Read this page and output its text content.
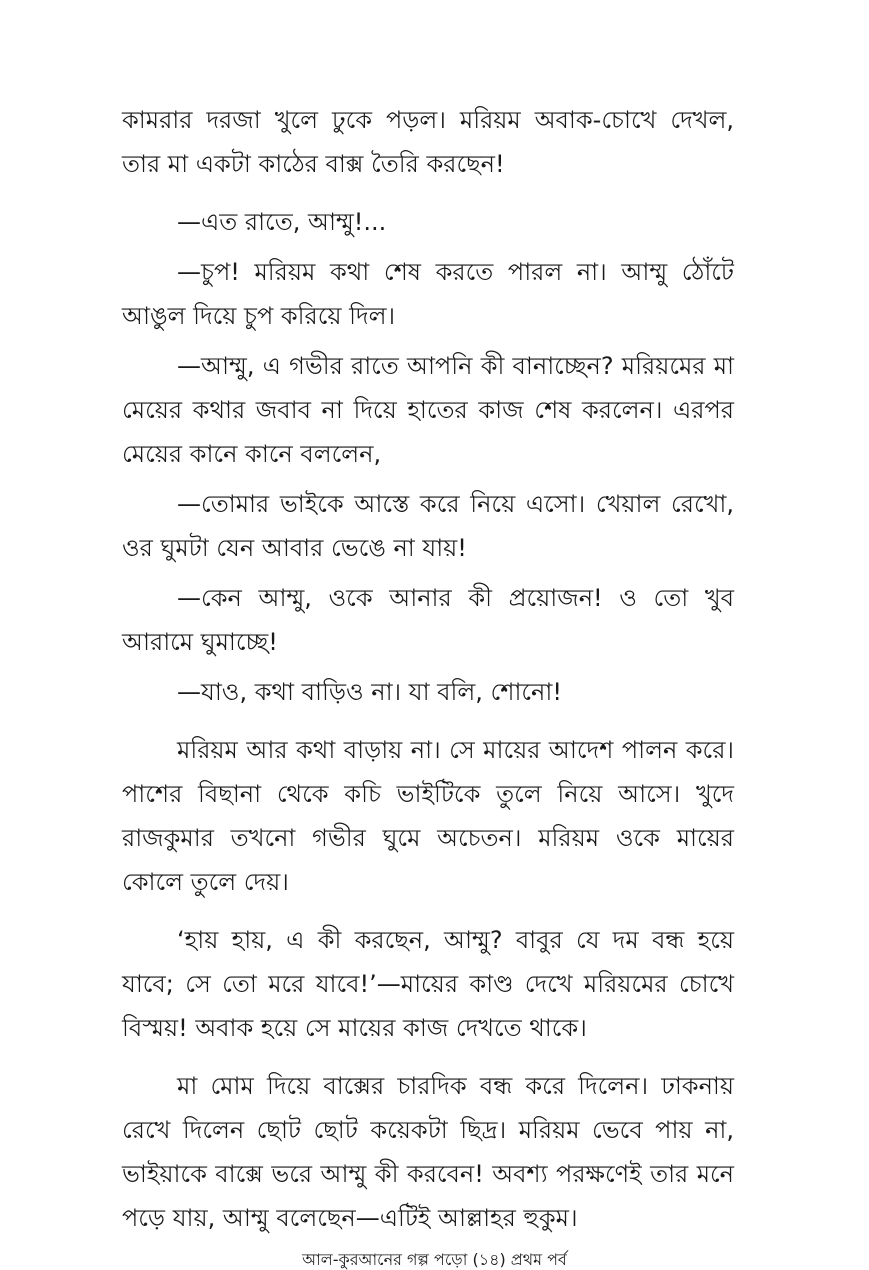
কামরার দরজা খুলে ঢুকে পড়ল। মরিয়ম অবাক-চোখে দেখল, তার মা একটা কাঠের বাক্স তৈরি করছেন!

—এত রাতে, আম্মু!...

—চুপ! মরিয়ম কথা শেষ করতে পারল না। আম্মু ঠোঁটে আঙুল দিয়ে চুপ করিয়ে দিল।

—আম্মু, এ গভীর রাতে আপনি কী বানাচ্ছেন? মরিয়মের মা মেয়ের কথার জবাব না দিয়ে হাতের কাজ শেষ করলেন। এরপর মেয়ের কানে কানে বললেন,

—তোমার ভাইকে আস্তে করে নিয়ে এসো। খেয়াল রেখো, ওর ঘুমটা যেন আবার ভেঙে না যায়!

—কেন আম্মু, ওকে আনার কী প্রয়োজন! ও তো খুব আরামে ঘুমাচ্ছে!

—যাও, কথা বাড়িও না। যা বলি, শোনো!

মরিয়ম আর কথা বাড়ায় না। সে মায়ের আদেশ পালন করে। পাশের বিছানা থেকে কচি ভাইটিকে তুলে নিয়ে আসে। খুদে রাজকুমার তখনো গভীর ঘুমে অচেতন। মরিয়ম ওকে মায়ের কোলে তুলে দেয়।

‘হায় হায়, এ কী করছেন, আম্মু? বাবুর যে দম বন্ধ হয়ে যাবে; সে তো মরে যাবে!’—মায়ের কাণ্ড দেখে মরিয়মের চোখে বিস্ময়! অবাক হয়ে সে মায়ের কাজ দেখতে থাকে।

মা মোম দিয়ে বাক্সের চারদিক বন্ধ করে দিলেন। ঢাকনায় রেখে দিলেন ছোট ছোট কয়েকটা ছিদ্র। মরিয়ম ভেবে পায় না, ভাইয়াকে বাক্সে ভরে আম্মু কী করবেন! অবশ্য পরক্ষণেই তার মনে পড়ে যায়, আম্মু বলেছেন—এটিই আল্লাহর হুকুম।

আল-কুরআনের গল্প পড়ো (১৪) প্রথম পর্ব
